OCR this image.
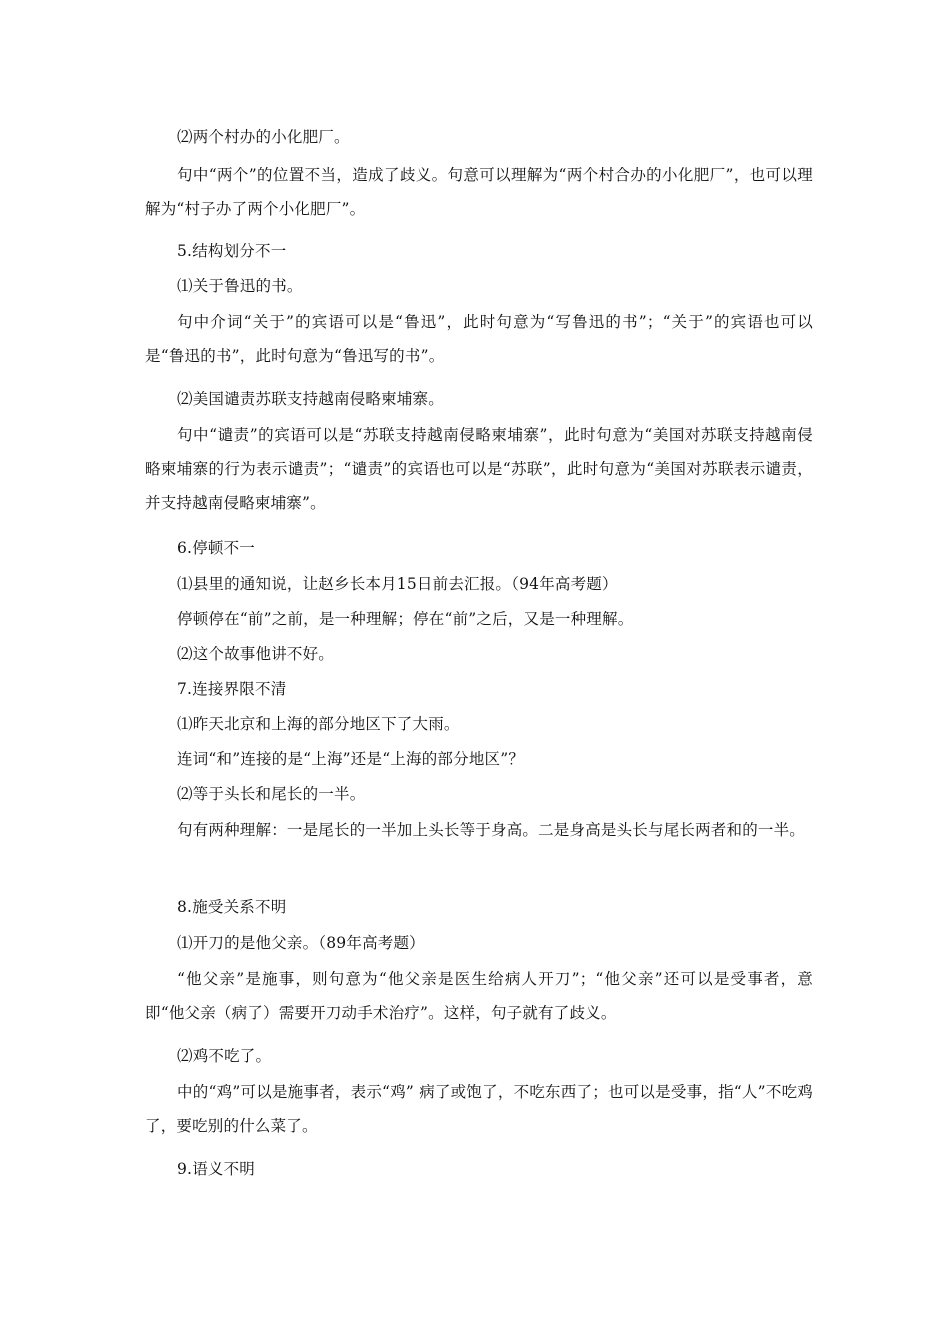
⑵两个村办的小化肥厂。
句中“两个”的位置不当，造成了歧义。句意可以理解为“两个村合办的小化肥厂”，也可以理解为“村子办了两个小化肥厂”。
5.结构划分不一
⑴关于鲁迅的书。
句中介词“关于”的宾语可以是“鲁迅”，此时句意为“写鲁迅的书”；“关于”的宾语也可以是“鲁迅的书”，此时句意为“鲁迅写的书”。
⑵美国谴责苏联支持越南侵略柬埔寨。
句中“谴责”的宾语可以是“苏联支持越南侵略柬埔寨”，此时句意为“美国对苏联支持越南侵略柬埔寨的行为表示谴责”；“谴责”的宾语也可以是“苏联”，此时句意为“美国对苏联表示谴责，并支持越南侵略柬埔寨”。
6.停顿不一
⑴县里的通知说，让赵乡长本月15日前去汇报。（94年高考题）
停顿停在“前”之前，是一种理解；停在“前”之后，又是一种理解。
⑵这个故事他讲不好。
7.连接界限不清
⑴昨天北京和上海的部分地区下了大雨。
连词“和”连接的是“上海”还是“上海的部分地区”？
⑵等于头长和尾长的一半。
句有两种理解：一是尾长的一半加上头长等于身高。二是身高是头长与尾长两者和的一半。
8.施受关系不明
⑴开刀的是他父亲。（89年高考题）
“他父亲”是施事，则句意为“他父亲是医生给病人开刀”；“他父亲”还可以是受事者，意即“他父亲（病了）需要开刀动手术治疗”。这样，句子就有了歧义。
⑵鸡不吃了。
中的“鸡”可以是施事者，表示“鸡” 病了或饱了，不吃东西了；也可以是受事，指“人”不吃鸡了，要吃别的什么菜了。
9.语义不明
